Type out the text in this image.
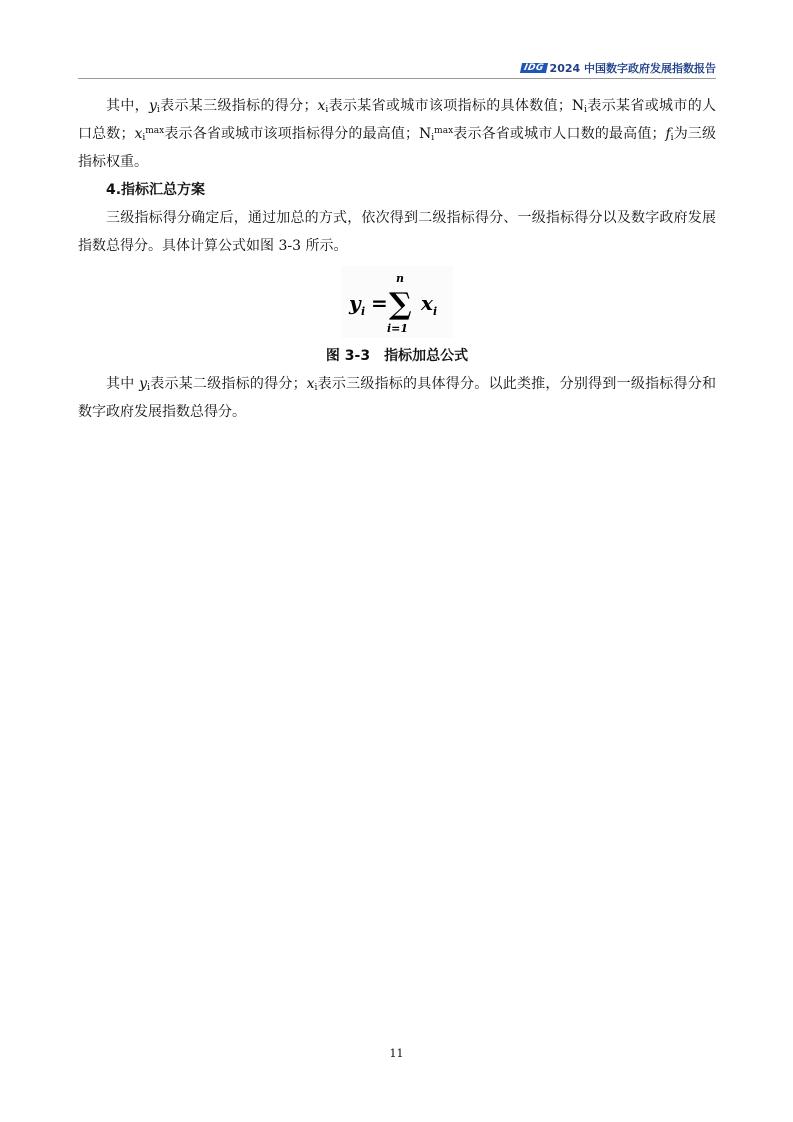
IDG 2024 中国数字政府发展指数报告

其中，$y_i$表示某三级指标的得分；$x_i$表示某省或城市该项指标的具体数值；$N_i$表示某省或城市的人口总数；$x_i^{max}$表示各省或城市该项指标得分的最高值；$N_i^{max}$表示各省或城市人口数的最高值；$f_i$为三级指标权重。

4.指标汇总方案

三级指标得分确定后，通过加总的方式，依次得到二级指标得分、一级指标得分以及数字政府发展指数总得分。具体计算公式如图 3-3 所示。

y i =
n
∑
i=1
x i

图 3-3　指标加总公式

其中 $y_i$表示某二级指标的得分；$x_i$表示三级指标的具体得分。以此类推，分别得到一级指标得分和数字政府发展指数总得分。

11
